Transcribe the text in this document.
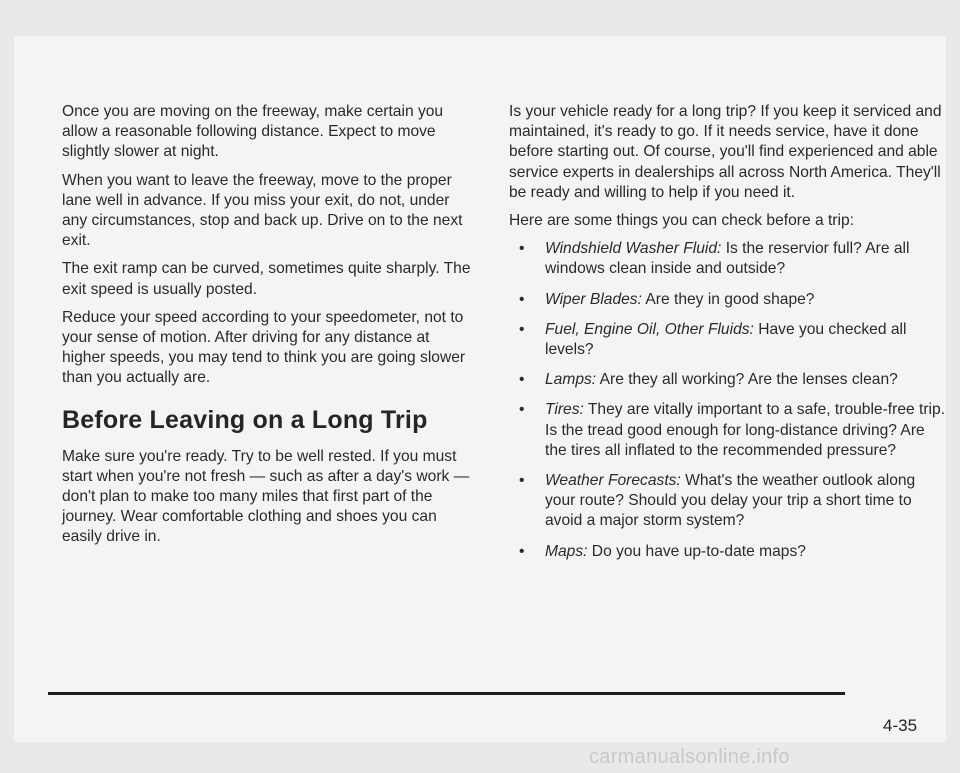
Once you are moving on the freeway, make certain you allow a reasonable following distance. Expect to move slightly slower at night.

When you want to leave the freeway, move to the proper lane well in advance. If you miss your exit, do not, under any circumstances, stop and back up. Drive on to the next exit.

The exit ramp can be curved, sometimes quite sharply. The exit speed is usually posted.

Reduce your speed according to your speedometer, not to your sense of motion. After driving for any distance at higher speeds, you may tend to think you are going slower than you actually are.

Before Leaving on a Long Trip

Make sure you're ready. Try to be well rested. If you must start when you're not fresh — such as after a day's work — don't plan to make too many miles that first part of the journey. Wear comfortable clothing and shoes you can easily drive in.

Is your vehicle ready for a long trip? If you keep it serviced and maintained, it's ready to go. If it needs service, have it done before starting out. Of course, you'll find experienced and able service experts in dealerships all across North America. They'll be ready and willing to help if you need it.

Here are some things you can check before a trip:

• Windshield Washer Fluid: Is the reservior full? Are all windows clean inside and outside?
• Wiper Blades: Are they in good shape?
• Fuel, Engine Oil, Other Fluids: Have you checked all levels?
• Lamps: Are they all working? Are the lenses clean?
• Tires: They are vitally important to a safe, trouble-free trip. Is the tread good enough for long-distance driving? Are the tires all inflated to the recommended pressure?
• Weather Forecasts: What's the weather outlook along your route? Should you delay your trip a short time to avoid a major storm system?
• Maps: Do you have up-to-date maps?
4-35
carmanualsonline.info
